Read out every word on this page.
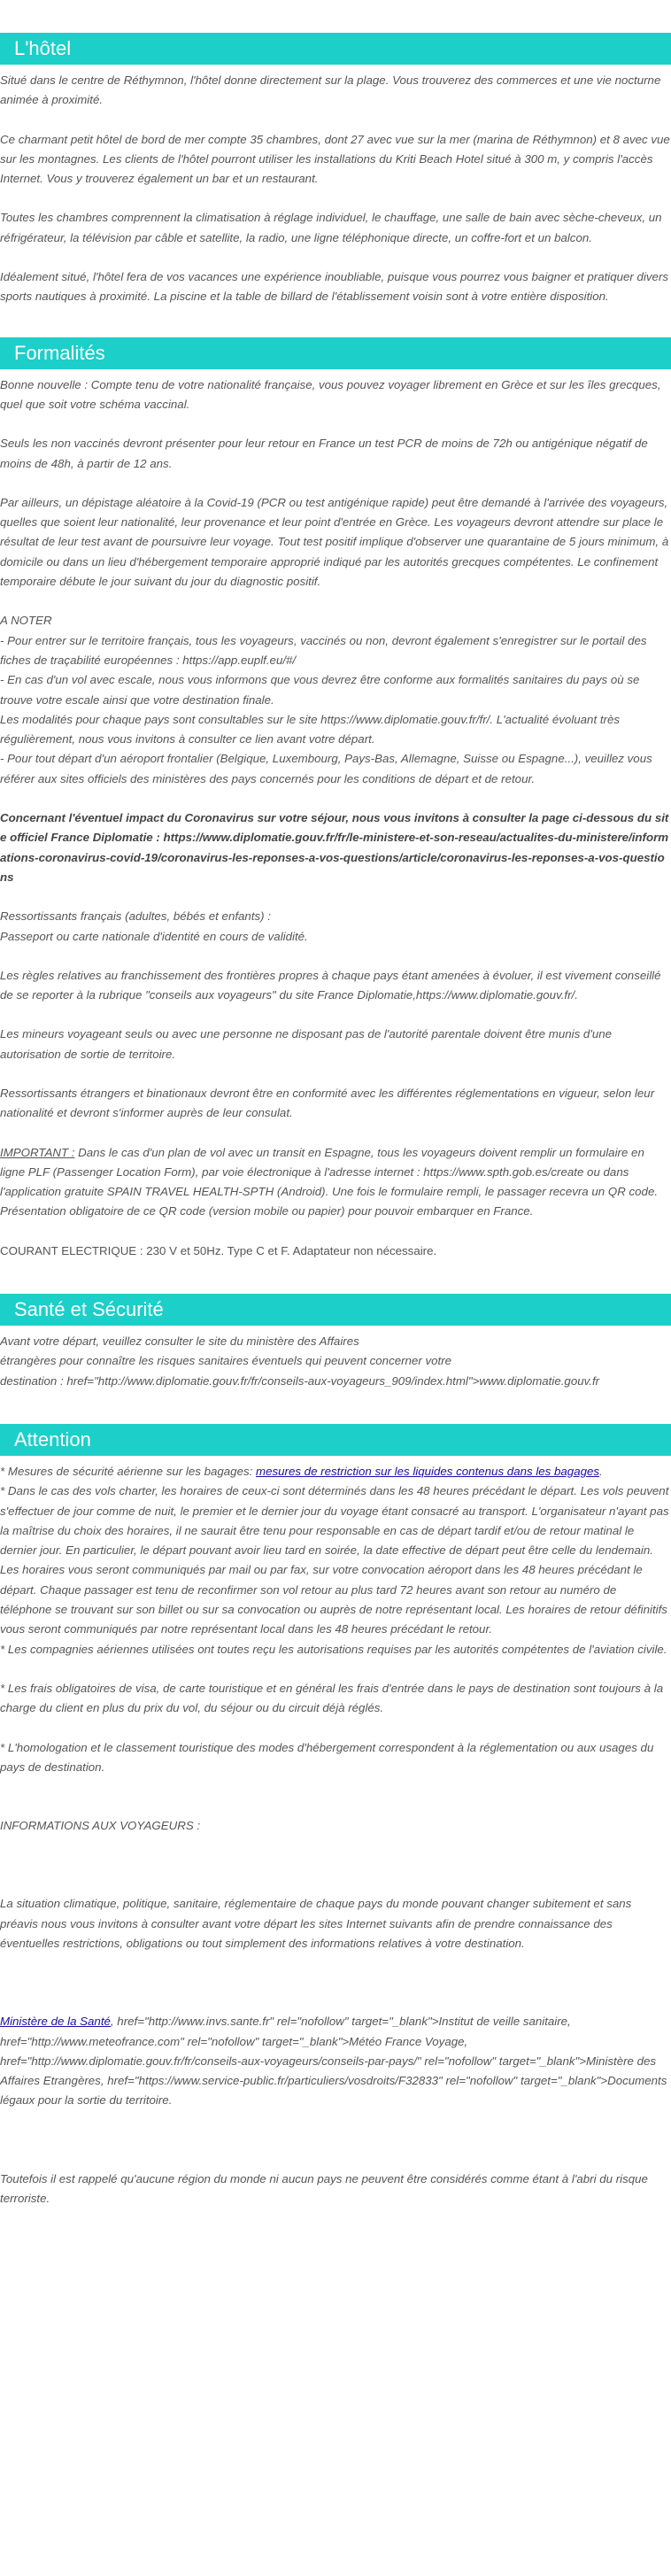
L'hôtel

Situé dans le centre de Réthymnon, l'hôtel donne directement sur la plage. Vous trouverez des commerces et une vie nocturne animée à proximité.

Ce charmant petit hôtel de bord de mer compte 35 chambres, dont 27 avec vue sur la mer (marina de Réthymnon) et 8 avec vue sur les montagnes. Les clients de l'hôtel pourront utiliser les installations du Kriti Beach Hotel situé à 300 m, y compris l'accès Internet. Vous y trouverez également un bar et un restaurant.

Toutes les chambres comprennent la climatisation à réglage individuel, le chauffage, une salle de bain avec sèche-cheveux, un réfrigérateur, la télévision par câble et satellite, la radio, une ligne téléphonique directe, un coffre-fort et un balcon.

Idéalement situé, l'hôtel fera de vos vacances une expérience inoubliable, puisque vous pourrez vous baigner et pratiquer divers sports nautiques à proximité. La piscine et la table de billard de l'établissement voisin sont à votre entière disposition.

Formalités

Bonne nouvelle : Compte tenu de votre nationalité française, vous pouvez voyager librement en Grèce et sur les îles grecques, quel que soit votre schéma vaccinal.

Seuls les non vaccinés devront présenter pour leur retour en France un test PCR de moins de 72h ou antigénique négatif de moins de 48h, à partir de 12 ans.

Par ailleurs, un dépistage aléatoire à la Covid-19 (PCR ou test antigénique rapide) peut être demandé à l'arrivée des voyageurs, quelles que soient leur nationalité, leur provenance et leur point d'entrée en Grèce. Les voyageurs devront attendre sur place le résultat de leur test avant de poursuivre leur voyage. Tout test positif implique d'observer une quarantaine de 5 jours minimum, à domicile ou dans un lieu d'hébergement temporaire approprié indiqué par les autorités grecques compétentes. Le confinement temporaire débute le jour suivant du jour du diagnostic positif.

A NOTER

- Pour entrer sur le territoire français, tous les voyageurs, vaccinés ou non, devront également s'enregistrer sur le portail des fiches de traçabilité européennes : https://app.euplf.eu/#/

- En cas d'un vol avec escale, nous vous informons que vous devrez être conforme aux formalités sanitaires du pays où se trouve votre escale ainsi que votre destination finale.

Les modalités pour chaque pays sont consultables sur le site https://www.diplomatie.gouv.fr/fr/. L'actualité évoluant très régulièrement, nous vous invitons à consulter ce lien avant votre départ.

- Pour tout départ d'un aéroport frontalier (Belgique, Luxembourg, Pays-Bas, Allemagne, Suisse ou Espagne...), veuillez vous référer aux sites officiels des ministères des pays concernés pour les conditions de départ et de retour.

Concernant l'éventuel impact du Coronavirus sur votre séjour, nous vous invitons à consulter la page ci-dessous du site officiel France Diplomatie : https://www.diplomatie.gouv.fr/fr/le-ministere-et-son-reseau/actualites-du-ministere/informations-coronavirus-covid-19/coronavirus-les-reponses-a-vos-questions/article/coronavirus-les-reponses-a-vos-questions

Ressortissants français (adultes, bébés et enfants) :

Passeport ou carte nationale d'identité en cours de validité.

Les règles relatives au franchissement des frontières propres à chaque pays étant amenées à évoluer, il est vivement conseillé de se reporter à la rubrique "conseils aux voyageurs" du site France Diplomatie,https://www.diplomatie.gouv.fr/.

Les mineurs voyageant seuls ou avec une personne ne disposant pas de l'autorité parentale doivent être munis d'une autorisation de sortie de territoire.

Ressortissants étrangers et binationaux devront être en conformité avec les différentes réglementations en vigueur, selon leur nationalité et devront s'informer auprès de leur consulat.

IMPORTANT : Dans le cas d'un plan de vol avec un transit en Espagne, tous les voyageurs doivent remplir un formulaire en ligne PLF (Passenger Location Form), par voie électronique à l'adresse internet : https://www.spth.gob.es/create ou dans l'application gratuite SPAIN TRAVEL HEALTH-SPTH (Android). Une fois le formulaire rempli, le passager recevra un QR code. Présentation obligatoire de ce QR code (version mobile ou papier) pour pouvoir embarquer en France.

COURANT ELECTRIQUE : 230 V et 50Hz. Type C et F. Adaptateur non nécessaire.

Santé et Sécurité

Avant votre départ, veuillez consulter le site du ministère des Affaires

étrangères pour connaître les risques sanitaires éventuels qui peuvent concerner votre

destination : href="http://www.diplomatie.gouv.fr/fr/conseils-aux-voyageurs_909/index.html">www.diplomatie.gouv.fr

Attention

* Mesures de sécurité aérienne sur les bagages: mesures de restriction sur les liquides contenus dans les bagages.

* Dans le cas des vols charter, les horaires de ceux-ci sont déterminés dans les 48 heures précédant le départ. Les vols peuvent s'effectuer de jour comme de nuit, le premier et le dernier jour du voyage étant consacré au transport. L'organisateur n'ayant pas la maîtrise du choix des horaires, il ne saurait être tenu pour responsable en cas de départ tardif et/ou de retour matinal le dernier jour. En particulier, le départ pouvant avoir lieu tard en soirée, la date effective de départ peut être celle du lendemain. Les horaires vous seront communiqués par mail ou par fax, sur votre convocation aéroport dans les 48 heures précédant le départ. Chaque passager est tenu de reconfirmer son vol retour au plus tard 72 heures avant son retour au numéro de téléphone se trouvant sur son billet ou sur sa convocation ou auprès de notre représentant local. Les horaires de retour définitifs vous seront communiqués par notre représentant local dans les 48 heures précédant le retour.

* Les compagnies aériennes utilisées ont toutes reçu les autorisations requises par les autorités compétentes de l'aviation civile.

* Les frais obligatoires de visa, de carte touristique et en général les frais d'entrée dans le pays de destination sont toujours à la charge du client en plus du prix du vol, du séjour ou du circuit déjà réglés.

* L'homologation et le classement touristique des modes d'hébergement correspondent à la réglementation ou aux usages du pays de destination.

INFORMATIONS AUX VOYAGEURS :

La situation climatique, politique, sanitaire, réglementaire de chaque pays du monde pouvant changer subitement et sans préavis nous vous invitons à consulter avant votre départ les sites Internet suivants afin de prendre connaissance des éventuelles restrictions, obligations ou tout simplement des informations relatives à votre destination.

Ministère de la Santé, href="http://www.invs.sante.fr" rel="nofollow" target="_blank">Institut de veille sanitaire, href="http://www.meteofrance.com" rel="nofollow" target="_blank">Météo France Voyage, href="http://www.diplomatie.gouv.fr/fr/conseils-aux-voyageurs/conseils-par-pays/" rel="nofollow" target="_blank">Ministère des Affaires Etrangères, href="https://www.service-public.fr/particuliers/vosdroits/F32833" rel="nofollow" target="_blank">Documents légaux pour la sortie du territoire.

Toutefois il est rappelé qu'aucune région du monde ni aucun pays ne peuvent être considérés comme étant à l'abri du risque terroriste.
